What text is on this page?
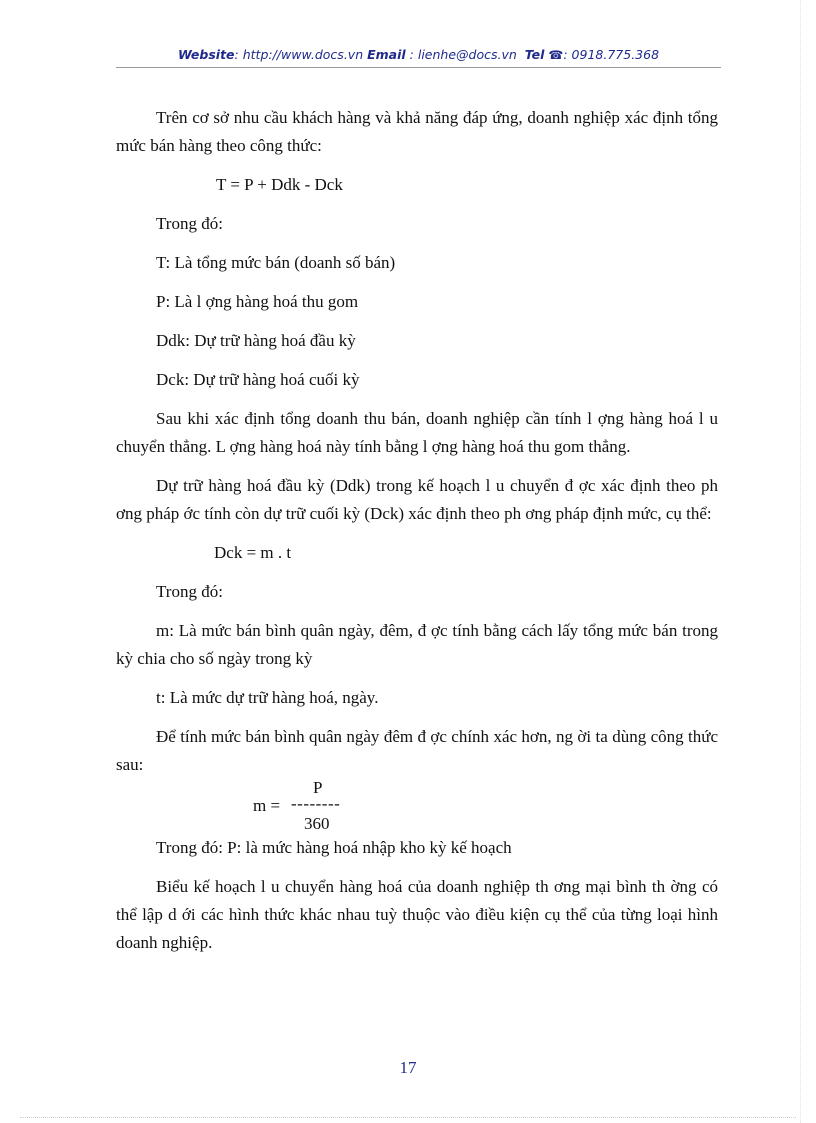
Website: http://www.docs.vn Email : lienhe@docs.vn Tel ☎: 0918.775.368

Trên cơ sở nhu cầu khách hàng và khả năng đáp ứng, doanh nghiệp xác định tổng mức bán hàng theo công thức:

T = P + Ddk - Dck

Trong đó:

T: Là tổng mức bán (doanh số bán)

P: Là l ợng hàng hoá thu gom

Ddk: Dự trữ hàng hoá đầu kỳ

Dck: Dự trữ hàng hoá cuối kỳ

Sau khi xác định tổng doanh thu bán, doanh nghiệp cần tính l ợng hàng hoá l u chuyển thẳng. L ợng hàng hoá này tính bằng l ợng hàng hoá thu gom thẳng.

Dự trữ hàng hoá đầu kỳ (Ddk) trong kế hoạch l u chuyển đ ợc xác định theo ph ơng pháp ớc tính còn dự trữ cuối kỳ (Dck) xác định theo ph ơng pháp định mức, cụ thể:

Dck = m . t

Trong đó:

m: Là mức bán bình quân ngày, đêm, đ ợc tính bằng cách lấy tổng mức bán trong kỳ chia cho số ngày trong kỳ

t: Là mức dự trữ hàng hoá, ngày.

Để tính mức bán bình quân ngày đêm đ ợc chính xác hơn, ng ời ta dùng công thức sau:

m =
P
--------
360

Trong đó: P: là mức hàng hoá nhập kho kỳ kế hoạch

Biểu kế hoạch l u chuyển hàng hoá của doanh nghiệp th ơng mại bình th ờng có thể lập d ới các hình thức khác nhau tuỳ thuộc vào điều kiện cụ thể của từng loại hình doanh nghiệp.

17
